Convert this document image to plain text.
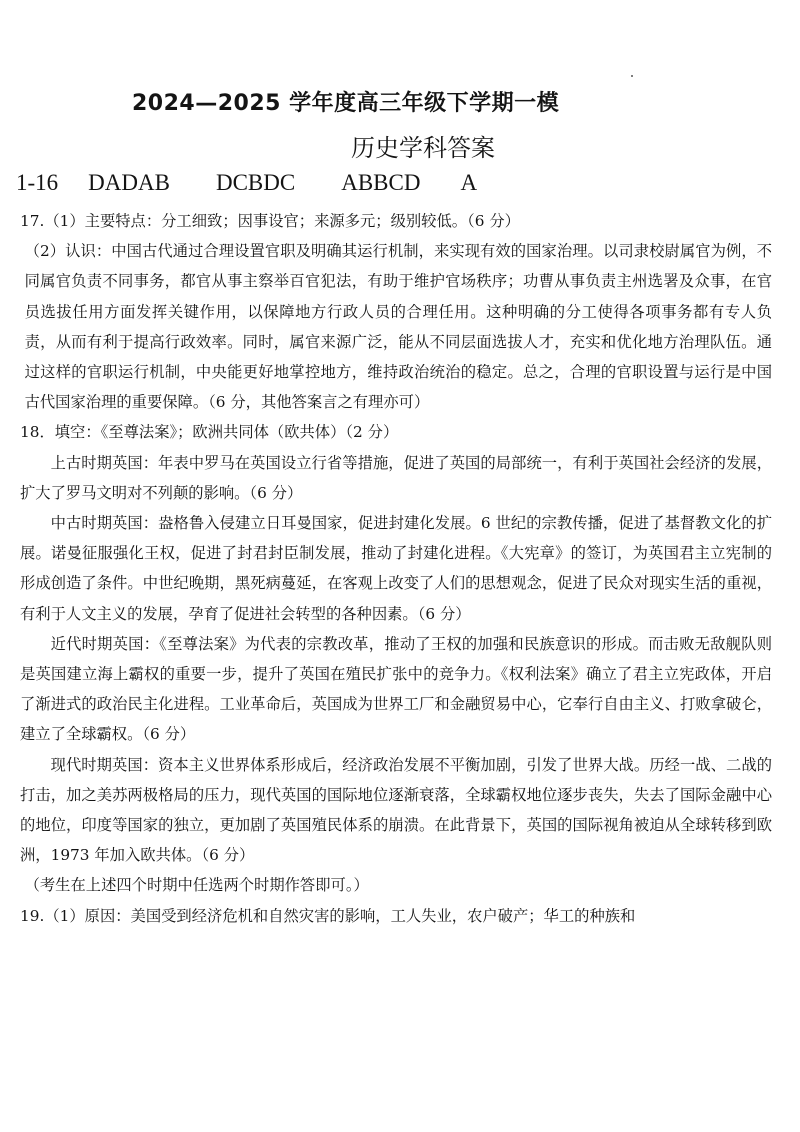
2024—2025 学年度高三年级下学期一模
历史学科答案
1-16 DADAB DCBDC ABBCD A

17.（1）主要特点：分工细致；因事设官；来源多元；级别较低。（6 分）

（2）认识：中国古代通过合理设置官职及明确其运行机制，来实现有效的国家治理。以司隶校尉属官为例，不同属官负责不同事务，都官从事主察举百官犯法，有助于维护官场秩序；功曹从事负责主州选署及众事，在官员选拔任用方面发挥关键作用，以保障地方行政人员的合理任用。这种明确的分工使得各项事务都有专人负责，从而有利于提高行政效率。同时，属官来源广泛，能从不同层面选拔人才，充实和优化地方治理队伍。通过这样的官职运行机制，中央能更好地掌控地方，维持政治统治的稳定。总之，合理的官职设置与运行是中国古代国家治理的重要保障。（6 分，其他答案言之有理亦可）

18．填空：《至尊法案》；欧洲共同体（欧共体）（2 分）

上古时期英国：年表中罗马在英国设立行省等措施，促进了英国的局部统一，有利于英国社会经济的发展，扩大了罗马文明对不列颠的影响。（6 分）

中古时期英国：盎格鲁入侵建立日耳曼国家，促进封建化发展。6 世纪的宗教传播，促进了基督教文化的扩展。诺曼征服强化王权，促进了封君封臣制发展，推动了封建化进程。《大宪章》的签订，为英国君主立宪制的形成创造了条件。中世纪晚期，黑死病蔓延，在客观上改变了人们的思想观念，促进了民众对现实生活的重视，有利于人文主义的发展，孕育了促进社会转型的各种因素。（6 分）

近代时期英国：《至尊法案》为代表的宗教改革，推动了王权的加强和民族意识的形成。而击败无敌舰队则是英国建立海上霸权的重要一步，提升了英国在殖民扩张中的竞争力。《权利法案》确立了君主立宪政体，开启了渐进式的政治民主化进程。工业革命后，英国成为世界工厂和金融贸易中心，它奉行自由主义、打败拿破仑，建立了全球霸权。（6 分）

现代时期英国：资本主义世界体系形成后，经济政治发展不平衡加剧，引发了世界大战。历经一战、二战的打击，加之美苏两极格局的压力，现代英国的国际地位逐渐衰落，全球霸权地位逐步丧失，失去了国际金融中心的地位，印度等国家的独立，更加剧了英国殖民体系的崩溃。在此背景下，英国的国际视角被迫从全球转移到欧洲，1973 年加入欧共体。（6 分）

（考生在上述四个时期中任选两个时期作答即可。）

19.（1）原因：美国受到经济危机和自然灾害的影响，工人失业，农户破产；华工的种族和
